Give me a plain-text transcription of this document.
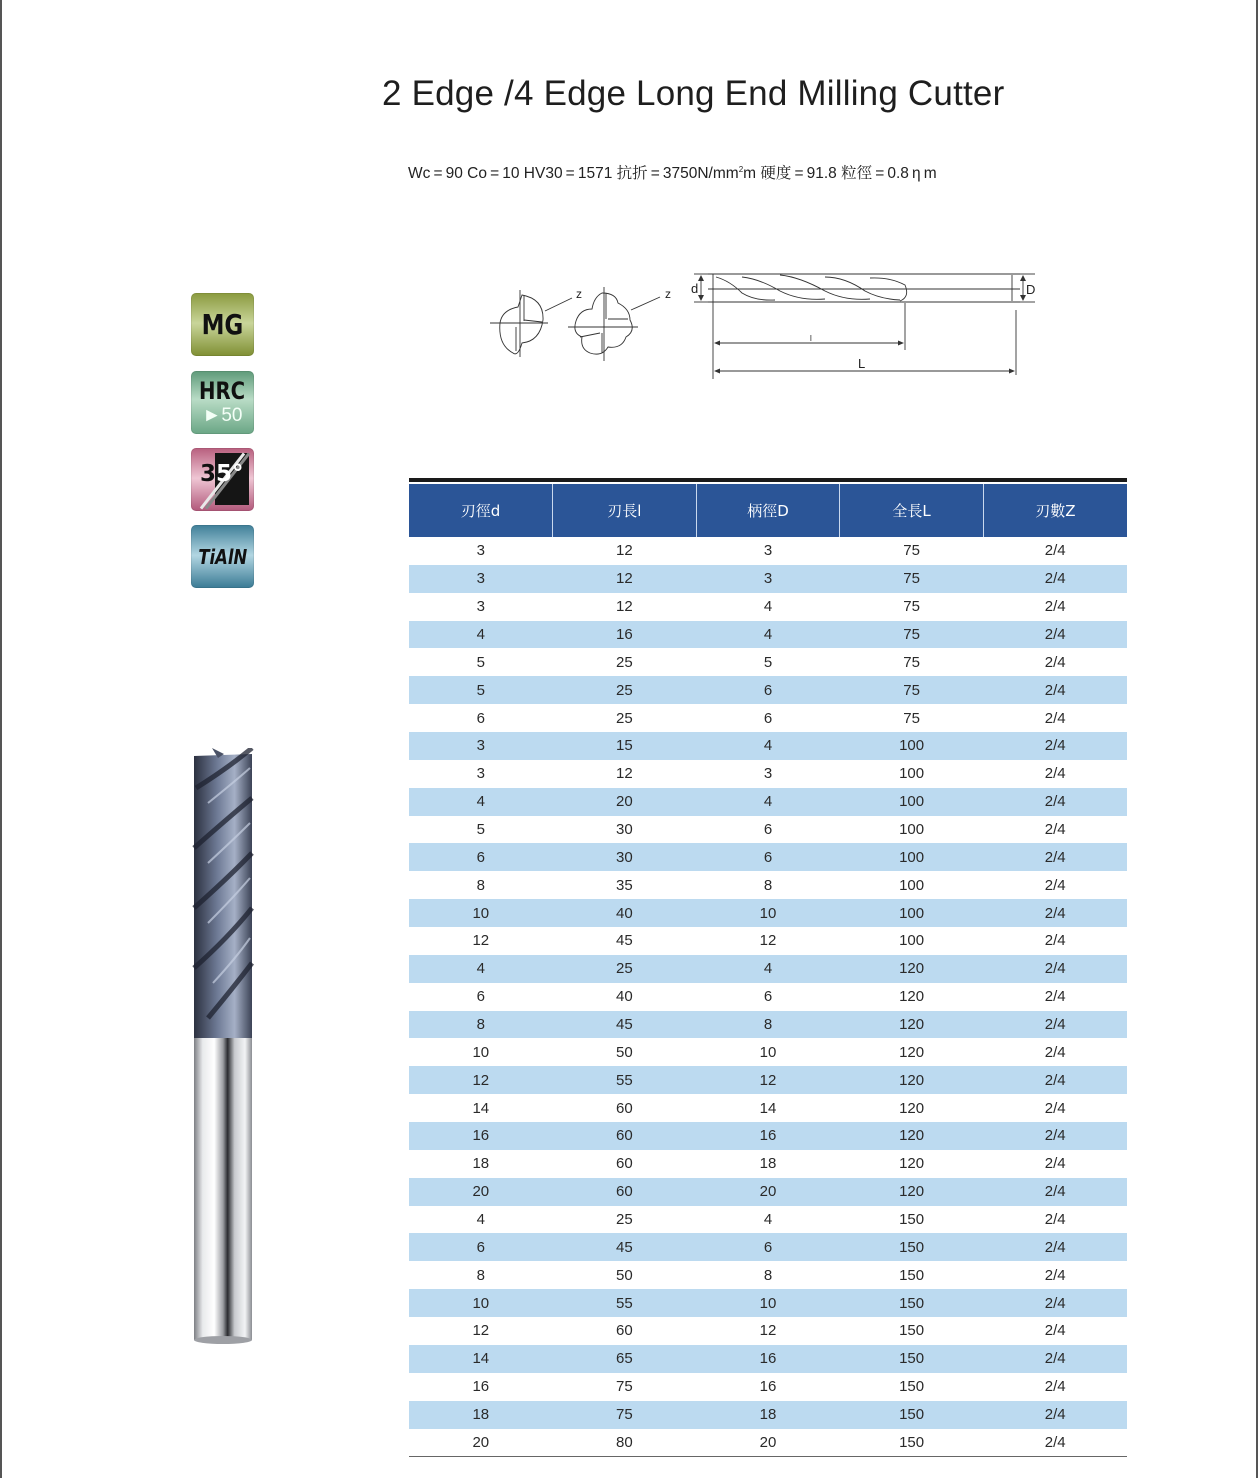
2 Edge /4 Edge Long End Milling Cutter
Wc = 90 Co = 10 HV30 = 1571 抗折 = $3750N/mm^2m$ 硬度 = 91.8 粒徑 = 0.8 η m
MG
HRC
►50
35°
TiAlN
z	z d	D
l
L
刃徑d	刃長l	柄徑D	全長L	刃數Z
3	12	3	75	2/4
3	12	3	75	2/4
3	12	4	75	2/4
4	16	4	75	2/4
5	25	5	75	2/4
5	25	6	75	2/4
6	25	6	75	2/4
3	15	4	100	2/4
3	12	3	100	2/4
4	20	4	100	2/4
5	30	6	100	2/4
6	30	6	100	2/4
8	35	8	100	2/4
10	40	10	100	2/4
12	45	12	100	2/4
4	25	4	120	2/4
6	40	6	120	2/4
8	45	8	120	2/4
10	50	10	120	2/4
12	55	12	120	2/4
14	60	14	120	2/4
16	60	16	120	2/4
18	60	18	120	2/4
20	60	20	120	2/4
4	25	4	150	2/4
6	45	6	150	2/4
8	50	8	150	2/4
10	55	10	150	2/4
12	60	12	150	2/4
14	65	16	150	2/4
16	75	16	150	2/4
18	75	18	150	2/4
20	80	20	150	2/4
